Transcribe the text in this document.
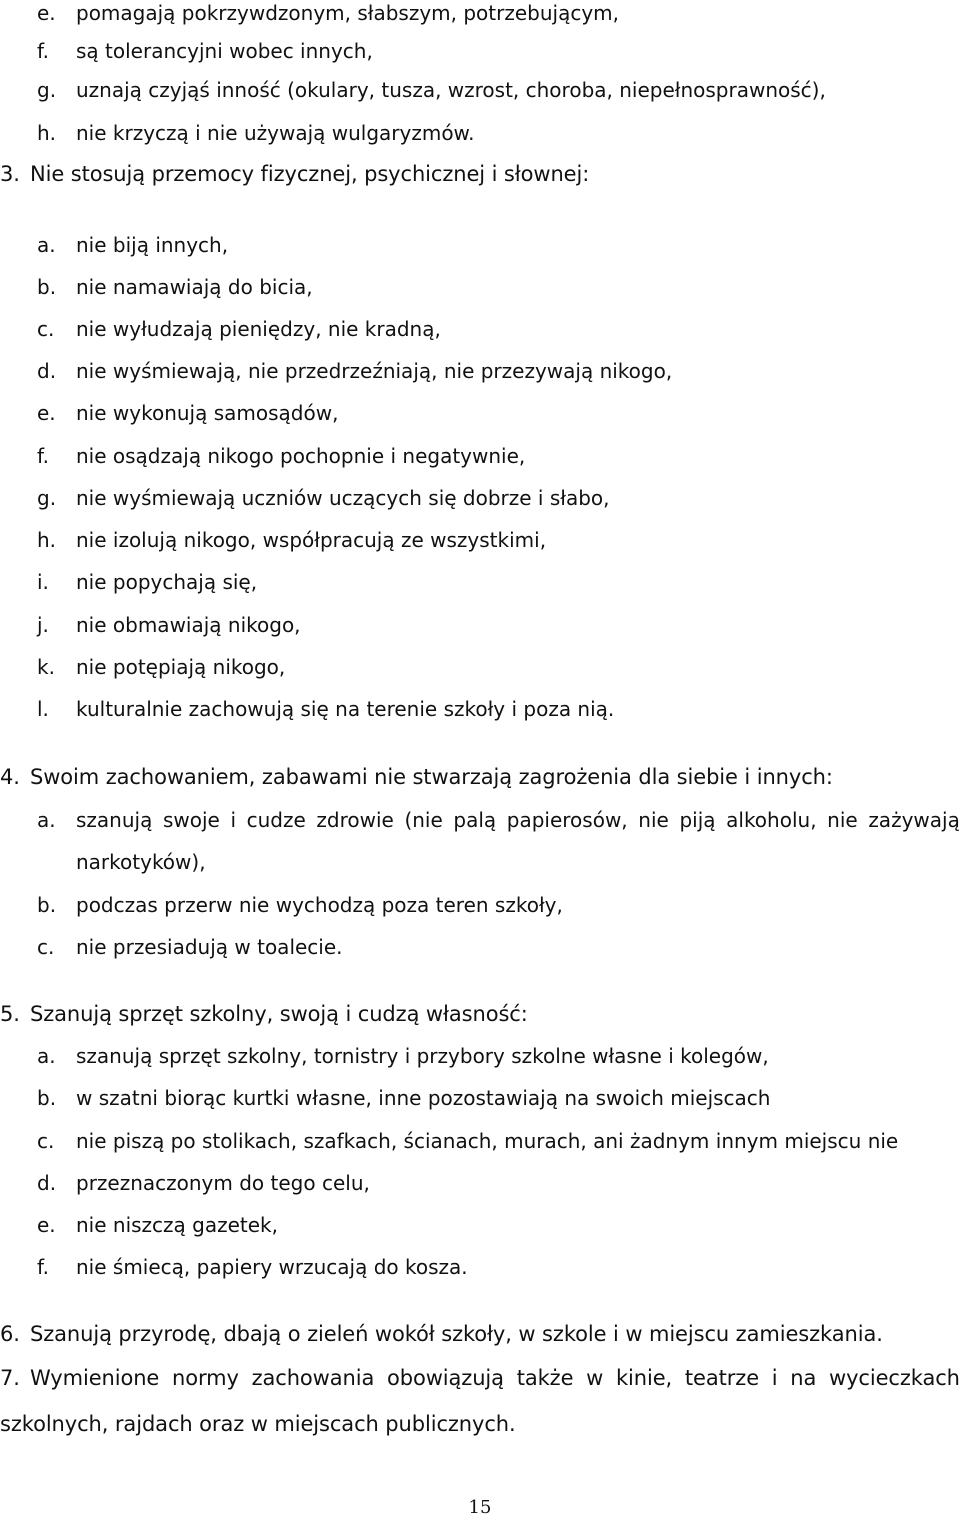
e. pomagają pokrzywdzonym, słabszym, potrzebującym,
f. są tolerancyjni wobec innych,
g. uznają czyjąś inność (okulary, tusza, wzrost, choroba, niepełnosprawność),
h. nie krzyczą i nie używają wulgaryzmów.
3. Nie stosują przemocy fizycznej, psychicznej i słownej:
a. nie biją innych,
b. nie namawiają do bicia,
c. nie wyłudzają pieniędzy, nie kradną,
d. nie wyśmiewają, nie przedrzeźniają, nie przezywają nikogo,
e. nie wykonują samosądów,
f. nie osądzają nikogo pochopnie i negatywnie,
g. nie wyśmiewają uczniów uczących się dobrze i słabo,
h. nie izolują nikogo, współpracują ze wszystkimi,
i. nie popychają się,
j. nie obmawiają nikogo,
k. nie potępiają nikogo,
l. kulturalnie zachowują się na terenie szkoły i poza nią.
4. Swoim zachowaniem, zabawami nie stwarzają zagrożenia dla siebie i innych:
a. szanują swoje i cudze zdrowie (nie palą papierosów, nie piją alkoholu, nie zażywają
narkotyków),
b. podczas przerw nie wychodzą poza teren szkoły,
c. nie przesiadują w toalecie.
5. Szanują sprzęt szkolny, swoją i cudzą własność:
a. szanują sprzęt szkolny, tornistry i przybory szkolne własne i kolegów,
b. w szatni biorąc kurtki własne, inne pozostawiają na swoich miejscach
c. nie piszą po stolikach, szafkach, ścianach, murach, ani żadnym innym miejscu nie
d. przeznaczonym do tego celu,
e. nie niszczą gazetek,
f. nie śmiecą, papiery wrzucają do kosza.
6. Szanują przyrodę, dbają o zieleń wokół szkoły, w szkole i w miejscu zamieszkania.
7. Wymienione normy zachowania obowiązują także w kinie, teatrze i na wycieczkach
szkolnych, rajdach oraz w miejscach publicznych.
15
